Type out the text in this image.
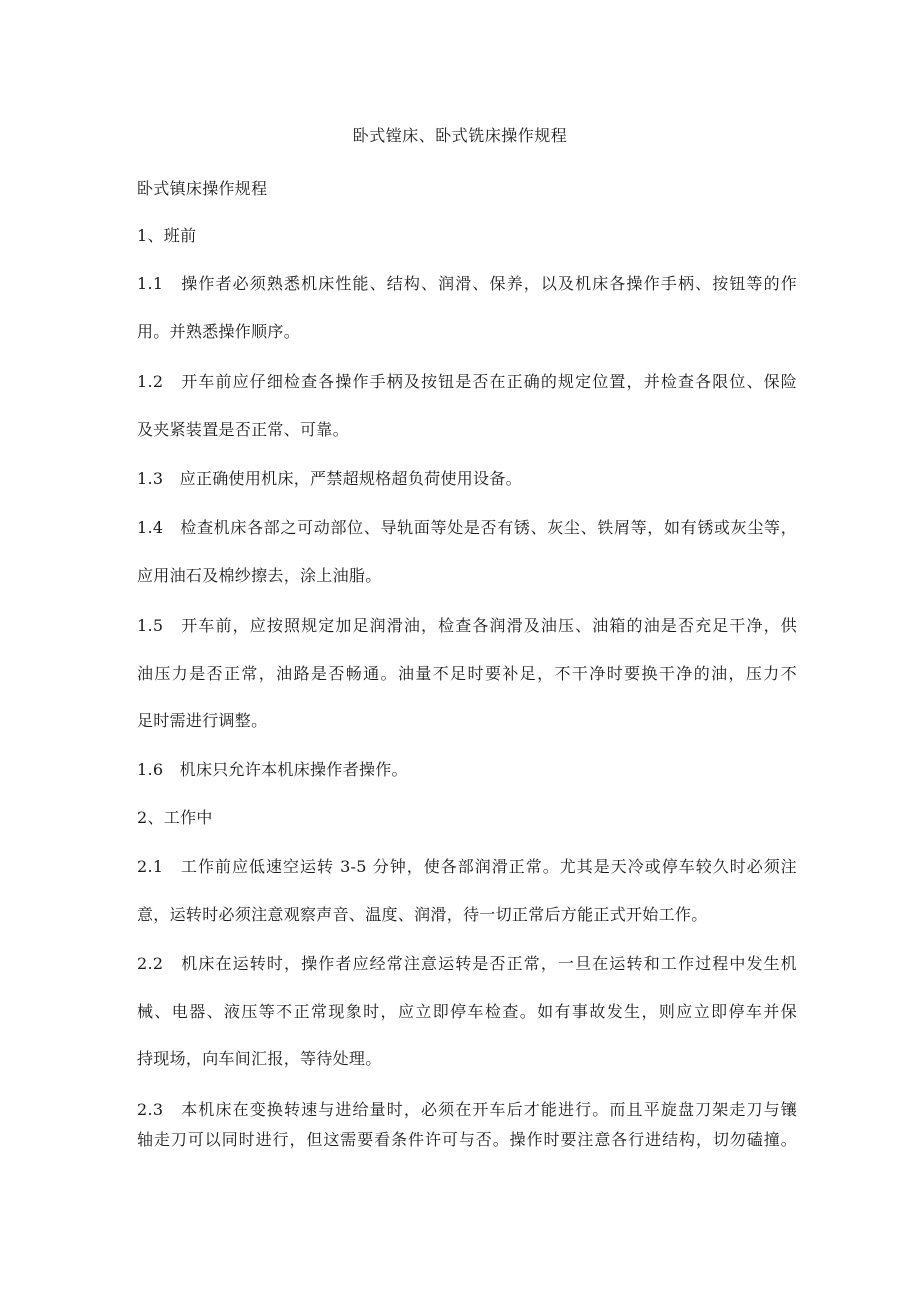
卧式镗床、卧式铣床操作规程
卧式镇床操作规程
1、班前
1.1　操作者必须熟悉机床性能、结构、润滑、保养，以及机床各操作手柄、按钮等的作
用。并熟悉操作顺序。
1.2　开车前应仔细检查各操作手柄及按钮是否在正确的规定位置，并检查各限位、保险
及夹紧装置是否正常、可靠。
1.3　应正确使用机床，严禁超规格超负荷使用设备。
1.4　检查机床各部之可动部位、导轨面等处是否有锈、灰尘、铁屑等，如有锈或灰尘等，
应用油石及棉纱擦去，涂上油脂。
1.5　开车前，应按照规定加足润滑油，检查各润滑及油压、油箱的油是否充足干净，供
油压力是否正常，油路是否畅通。油量不足时要补足，不干净时要换干净的油，压力不
足时需进行调整。
1.6　机床只允许本机床操作者操作。
2、工作中
2.1　工作前应低速空运转 3-5 分钟，使各部润滑正常。尤其是天冷或停车较久时必须注
意，运转时必须注意观察声音、温度、润滑，待一切正常后方能正式开始工作。
2.2　机床在运转时，操作者应经常注意运转是否正常，一旦在运转和工作过程中发生机
械、电器、液压等不正常现象时，应立即停车检查。如有事故发生，则应立即停车并保
持现场，向车间汇报，等待处理。
2.3　本机床在变换转速与进给量时，必须在开车后才能进行。而且平旋盘刀架走刀与镶
轴走刀可以同时进行，但这需要看条件许可与否。操作时要注意各行进结构，切勿磕撞。
